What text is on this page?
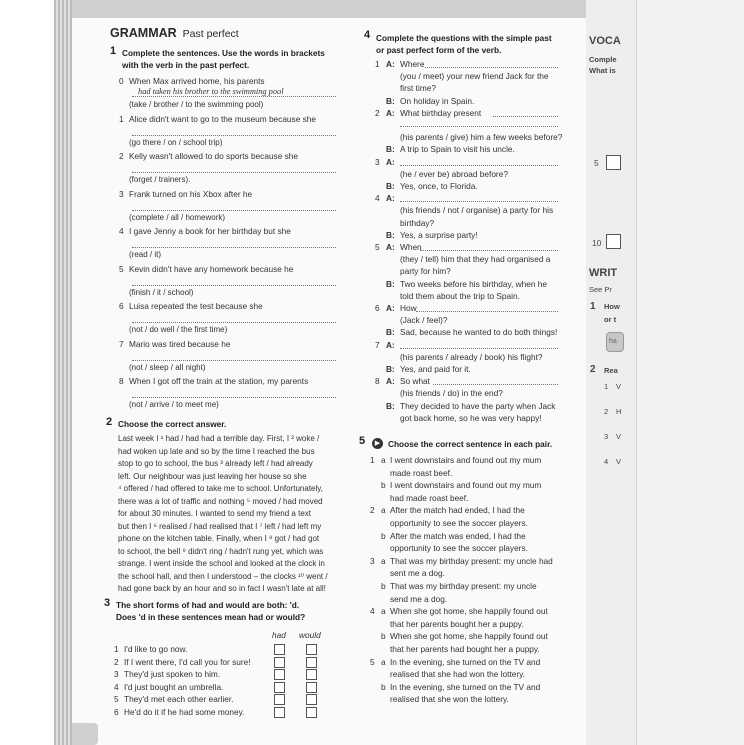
GRAMMAR Past perfect
1 Complete the sentences. Use the words in brackets
with the verb in the past perfect.
0 When Max arrived home, his parents
had taken his brother to the swimming pool
(take / brother / to the swimming pool)
1 Alice didn't want to go to the museum because she
(go there / on / school trip)
2 Kelly wasn't allowed to do sports because she
(forget / trainers).
3 Frank turned on his Xbox after he
(complete / all / homework)
4 I gave Jenny a book for her birthday but she
(read / it)
5 Kevin didn't have any homework because he
(finish / it / school)
6 Luisa repeated the test because she
(not / do well / the first time)
7 Mario was tired because he
(not / sleep / all night)
8 When I got off the train at the station, my parents
(not / arrive / to meet me)
2 Choose the correct answer.
Last week I ¹ had / had had a terrible day. First, I ² woke /
had woken up late and so by the time I reached the bus
stop to go to school, the bus ³ already left / had already
left. Our neighbour was just leaving her house so she
⁴ offered / had offered to take me to school. Unfortunately,
there was a lot of traffic and nothing ⁵ moved / had moved
for about 30 minutes. I wanted to send my friend a text
but then I ⁶ realised / had realised that I ⁷ left / had left my
phone on the kitchen table. Finally, when I ⁸ got / had got
to school, the bell ⁹ didn't ring / hadn't rung yet, which was
strange. I went inside the school and looked at the clock in
the school hall, and then I understood – the clocks ¹⁰ went /
had gone back by an hour and so in fact I wasn't late at all!
3 The short forms of had and would are both: 'd.
Does 'd in these sentences mean had or would?
had would
1 I'd like to go now.
2 If I went there, I'd call you for sure!
3 They'd just spoken to him.
4 I'd just bought an umbrella.
5 They'd met each other earlier.
6 He'd do it if he had some money.
4 Complete the questions with the simple past
or past perfect form of the verb.
1 A: Where
(you / meet) your new friend Jack for the
first time?
B: On holiday in Spain.
2 A: What birthday present
(his parents / give) him a few weeks before?
B: A trip to Spain to visit his uncle.
3 A:
(he / ever be) abroad before?
B: Yes, once, to Florida.
4 A:
(his friends / not / organise) a party for his
birthday?
B: Yes, a surprise party!
5 A: When
(they / tell) him that they had organised a
party for him?
B: Two weeks before his birthday, when he
told them about the trip to Spain.
6 A: How
(Jack / feel)?
B: Sad, because he wanted to do both things!
7 A:
(his parents / already / book) his flight?
B: Yes, and paid for it.
8 A: So what
(his friends / do) in the end?
B: They decided to have the party when Jack
got back home, so he was very happy!
5	▶ Choose the correct sentence in each pair.
1 a I went downstairs and found out my mum
made roast beef.
b I went downstairs and found out my mum
had made roast beef.
2 a After the match had ended, I had the
opportunity to see the soccer players.
b After the match was ended, I had the
opportunity to see the soccer players.
3 a That was my birthday present: my uncle had
sent me a dog.
b That was my birthday present: my uncle
send me a dog.
4 a When she got home, she happily found out
that her parents bought her a puppy.
b When she got home, she happily found out
that her parents had bought her a puppy.
5 a In the evening, she turned on the TV and
realised that she had won the lottery.
b In the evening, she turned on the TV and
realised that she won the lottery.
VOCA
Comple
What is
5
10
WRIT
See Pr
1 How
or t
ha
2 Rea
1 V
2 H
3 V
4 V
